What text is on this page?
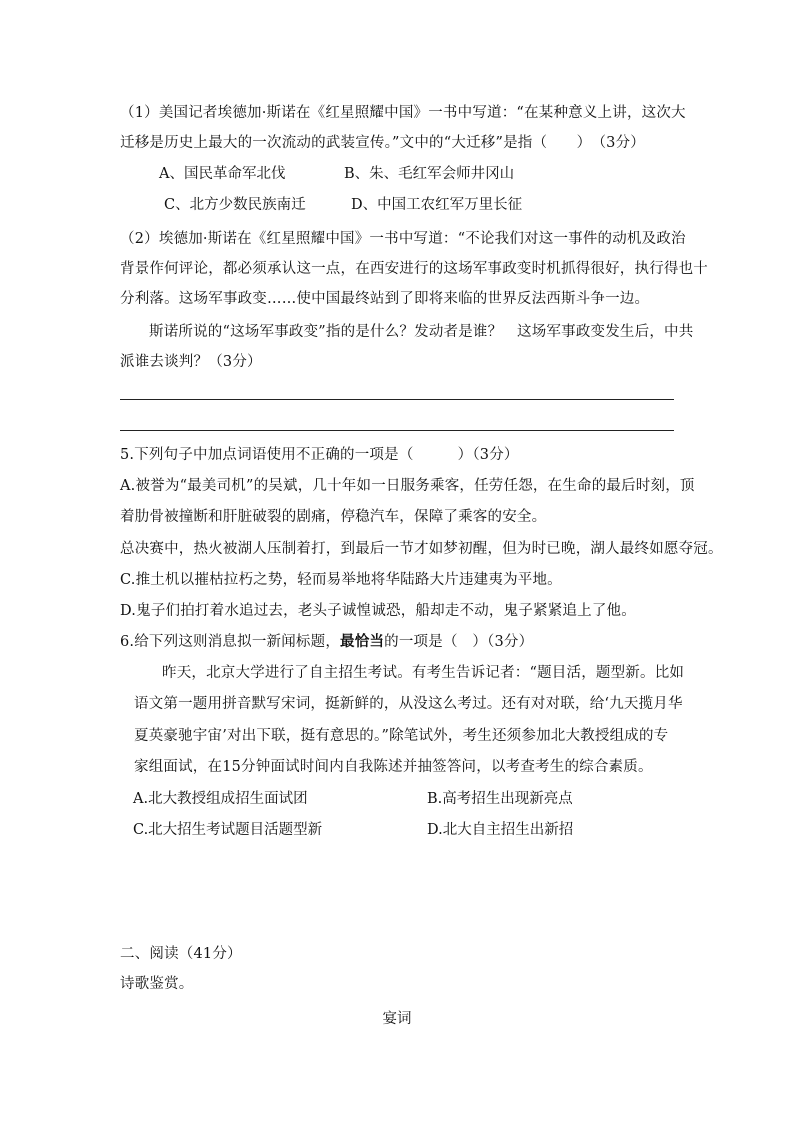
（1）美国记者埃德加·斯诺在《红星照耀中国》一书中写道：“在某种意义上讲，这次大
迁移是历史上最大的一次流动的武装宣传。”文中的“大迁移”是指（　　）　（3分）
A、国民革命军北伐	B、朱、毛红军会师井冈山
C、北方少数民族南迁	D、中国工农红军万里长征
（2）埃德加·斯诺在《红星照耀中国》一书中写道：“不论我们对这一事件的动机及政治
背景作何评论，都必须承认这一点，在西安进行的这场军事政变时机抓得很好，执行得也十
分利落。这场军事政变……使中国最终站到了即将来临的世界反法西斯斗争一边。
斯诺所说的“这场军事政变”指的是什么？发动者是谁？　这场军事政变发生后，中共
派谁去谈判？（3分）
5.下列句子中加点词语使用不正确的一项是（　　　）（3分）
A.被誉为“最美司机”的吴斌，几十年如一日服务乘客，任劳任怨，在生命的最后时刻，顶
着肋骨被撞断和肝脏破裂的剧痛，停稳汽车，保障了乘客的安全。
总决赛中，热火被湖人压制着打，到最后一节才如梦初醒，但为时已晚，湖人最终如愿夺冠。
C.推土机以摧枯拉朽之势，轻而易举地将华陆路大片违建夷为平地。
D.鬼子们拍打着水追过去，老头子诚惶诚恐，船却走不动，鬼子紧紧追上了他。
6.给下列这则消息拟一新闻标题，最恰当的一项是（　）（3分）
昨天，北京大学进行了自主招生考试。有考生告诉记者：“题目活，题型新。比如
语文第一题用拼音默写宋词，挺新鲜的，从没这么考过。还有对对联，给‘九天揽月华
夏英豪驰宇宙’对出下联，挺有意思的。”除笔试外，考生还须参加北大教授组成的专
家组面试，在15分钟面试时间内自我陈述并抽签答问，以考查考生的综合素质。
A.北大教授组成招生面试团	B.高考招生出现新亮点
C.北大招生考试题目活题型新	D.北大自主招生出新招
二、阅读（41分）
诗歌鉴赏。
宴词
